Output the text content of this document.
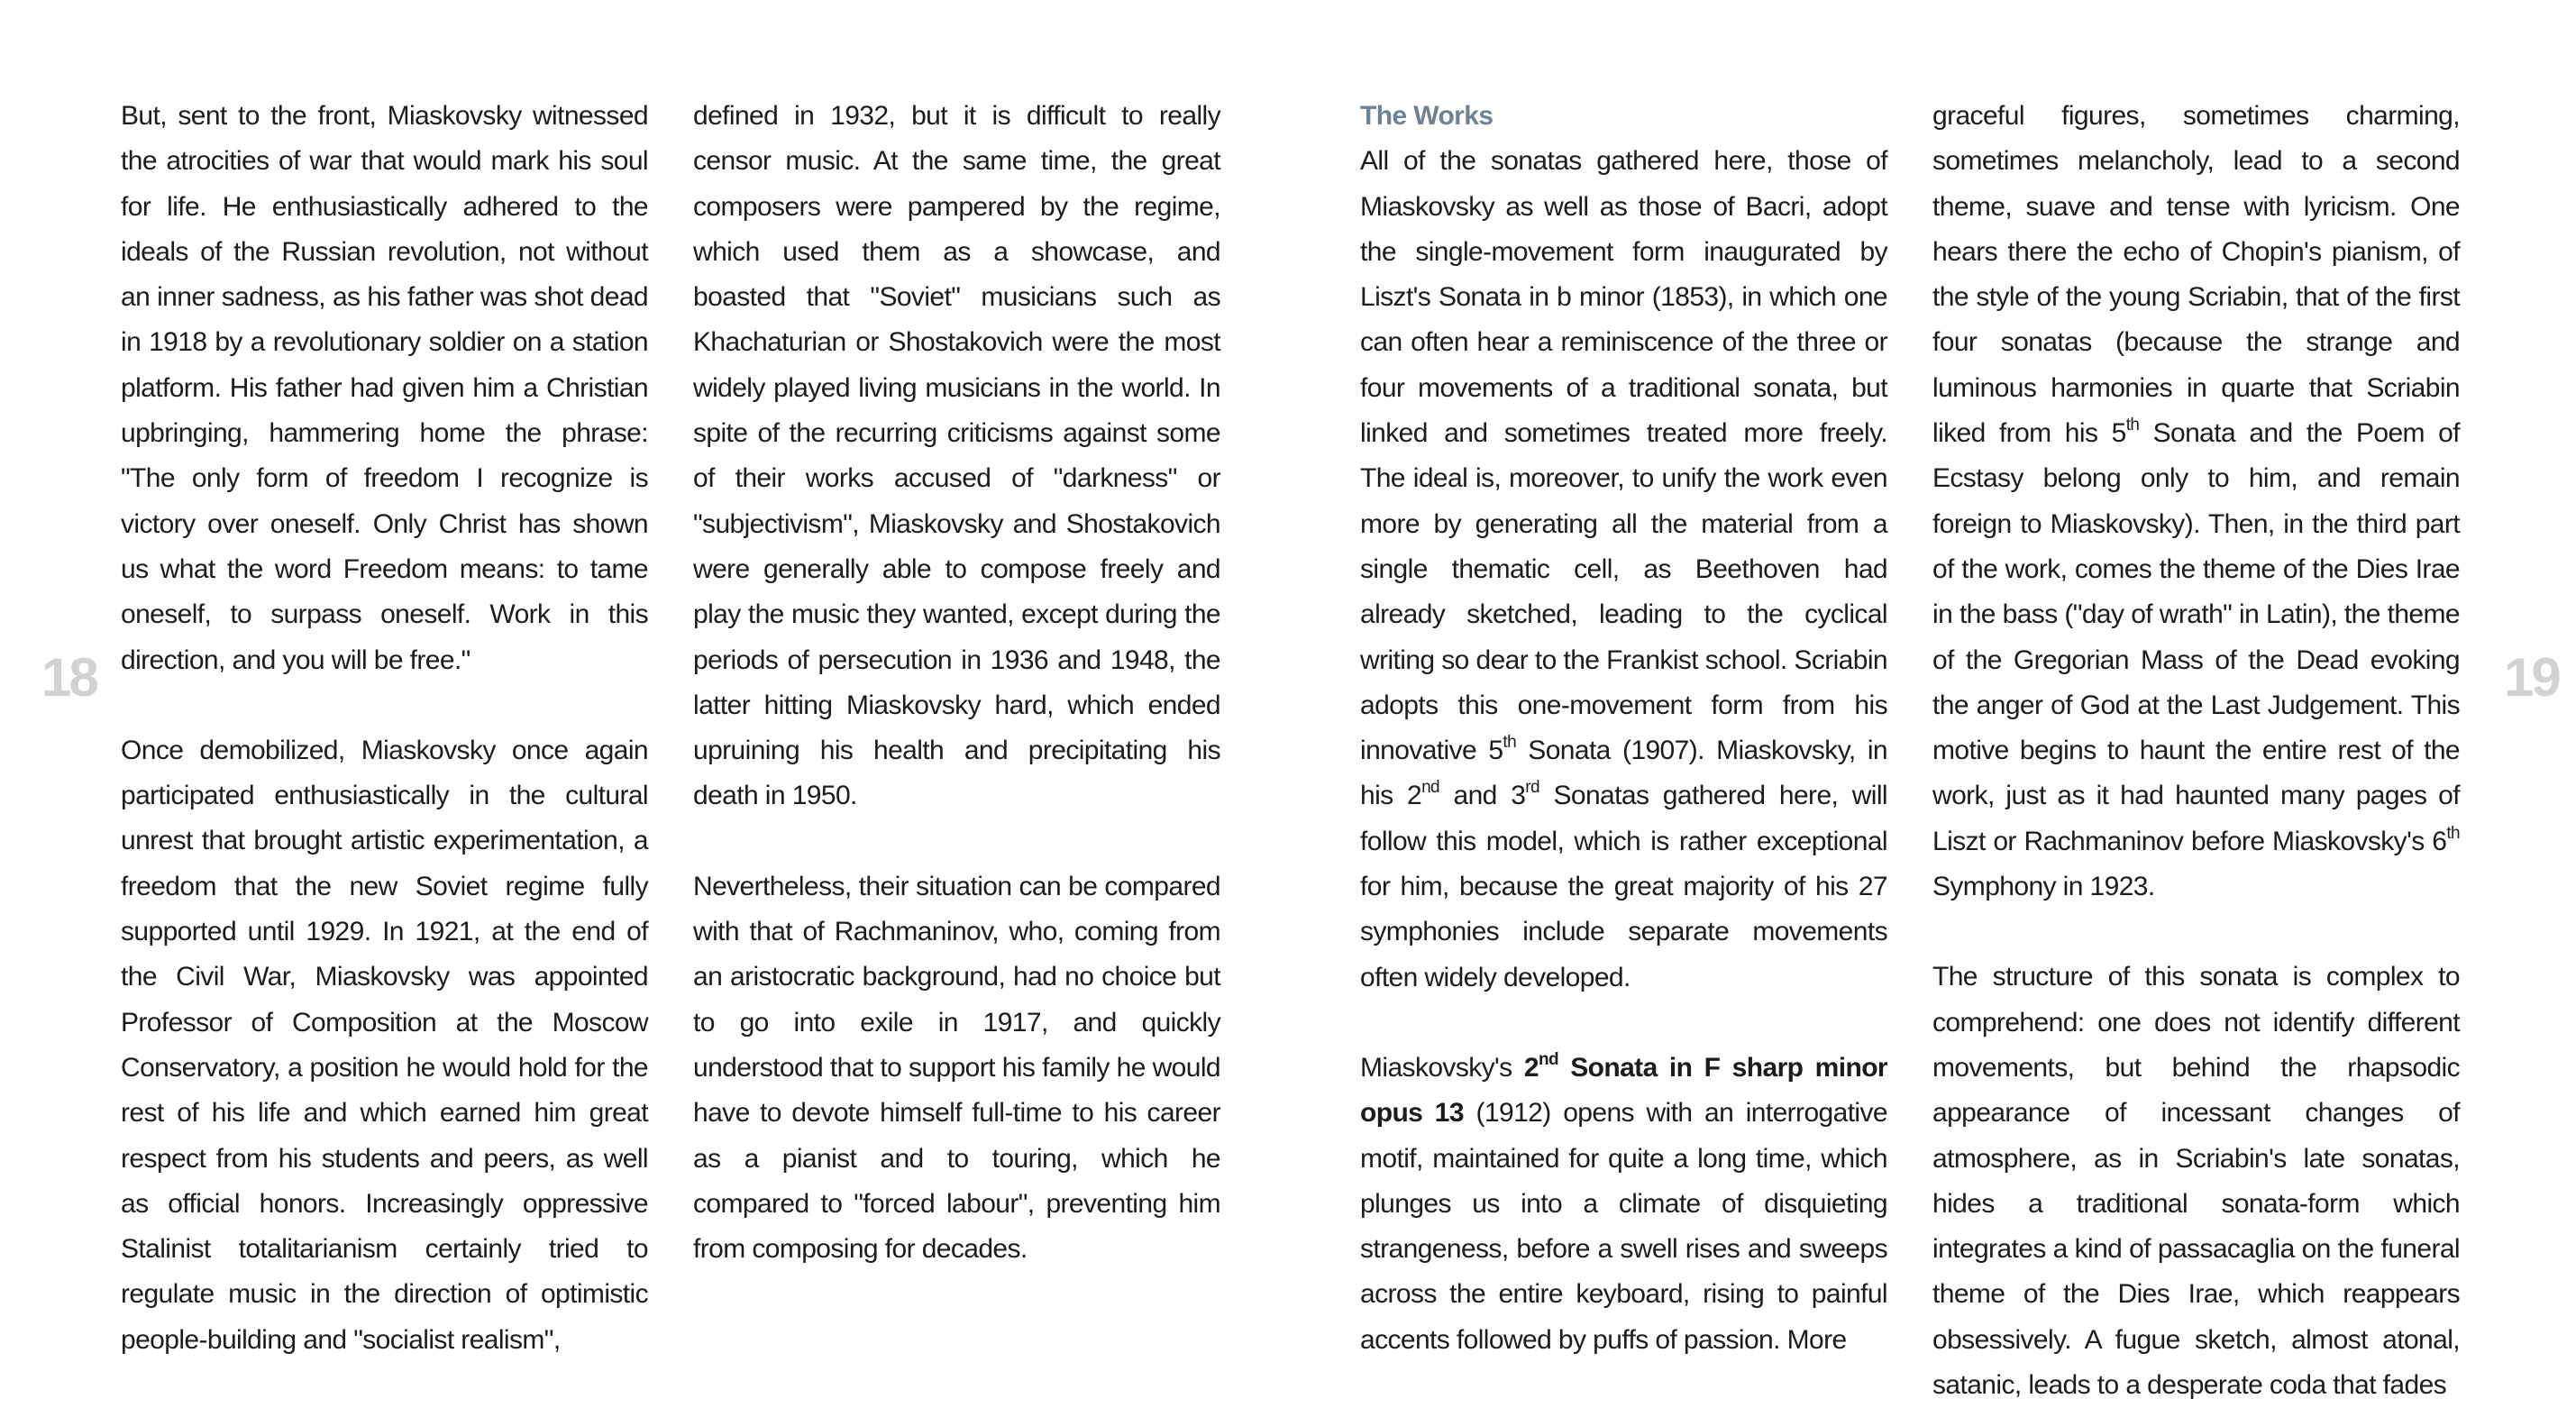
18	19

But, sent to the front, Miaskovsky witnessed the atrocities of war that would mark his soul for life. He enthusiastically adhered to the ideals of the Russian revolution, not without an inner sadness, as his father was shot dead in 1918 by a revolutionary soldier on a station platform. His father had given him a Christian upbringing, hammering home the phrase: "The only form of freedom I recognize is victory over oneself. Only Christ has shown us what the word Freedom means: to tame oneself, to surpass oneself. Work in this direction, and you will be free."

Once demobilized, Miaskovsky once again participated enthusiastically in the cultural unrest that brought artistic experimentation, a freedom that the new Soviet regime fully supported until 1929. In 1921, at the end of the Civil War, Miaskovsky was appointed Professor of Composition at the Moscow Conservatory, a position he would hold for the rest of his life and which earned him great respect from his students and peers, as well as official honors. Increasingly oppressive Stalinist totalitarianism certainly tried to regulate music in the direction of optimistic people-building and "socialist realism",

defined in 1932, but it is difficult to really censor music. At the same time, the great composers were pampered by the regime, which used them as a showcase, and boasted that "Soviet" musicians such as Khachaturian or Shostakovich were the most widely played living musicians in the world. In spite of the recurring criticisms against some of their works accused of "darkness" or "subjectivism", Miaskovsky and Shostakovich were generally able to compose freely and play the music they wanted, except during the periods of persecution in 1936 and 1948, the latter hitting Miaskovsky hard, which ended upruining his health and precipitating his death in 1950.

Nevertheless, their situation can be compared with that of Rachmaninov, who, coming from an aristocratic background, had no choice but to go into exile in 1917, and quickly understood that to support his family he would have to devote himself full-time to his career as a pianist and to touring, which he compared to "forced labour", preventing him from composing for decades.

The Works

All of the sonatas gathered here, those of Miaskovsky as well as those of Bacri, adopt the single-movement form inaugurated by Liszt's Sonata in b minor (1853), in which one can often hear a reminiscence of the three or four movements of a traditional sonata, but linked and sometimes treated more freely. The ideal is, moreover, to unify the work even more by generating all the material from a single thematic cell, as Beethoven had already sketched, leading to the cyclical writing so dear to the Frankist school. Scriabin adopts this one-movement form from his innovative 5th Sonata (1907). Miaskovsky, in his 2nd and 3rd Sonatas gathered here, will follow this model, which is rather exceptional for him, because the great majority of his 27 symphonies include separate movements often widely developed.

Miaskovsky's 2nd Sonata in F sharp minor opus 13 (1912) opens with an interrogative motif, maintained for quite a long time, which plunges us into a climate of disquieting strangeness, before a swell rises and sweeps across the entire keyboard, rising to painful accents followed by puffs of passion. More

graceful figures, sometimes charming, sometimes melancholy, lead to a second theme, suave and tense with lyricism. One hears there the echo of Chopin's pianism, of the style of the young Scriabin, that of the first four sonatas (because the strange and luminous harmonies in quarte that Scriabin liked from his 5th Sonata and the Poem of Ecstasy belong only to him, and remain foreign to Miaskovsky). Then, in the third part of the work, comes the theme of the Dies Irae in the bass ("day of wrath" in Latin), the theme of the Gregorian Mass of the Dead evoking the anger of God at the Last Judgement. This motive begins to haunt the entire rest of the work, just as it had haunted many pages of Liszt or Rachmaninov before Miaskovsky's 6th Symphony in 1923.

The structure of this sonata is complex to comprehend: one does not identify different movements, but behind the rhapsodic appearance of incessant changes of atmosphere, as in Scriabin's late sonatas, hides a traditional sonata-form which integrates a kind of passacaglia on the funeral theme of the Dies Irae, which reappears obsessively. A fugue sketch, almost atonal, satanic, leads to a desperate coda that fades
